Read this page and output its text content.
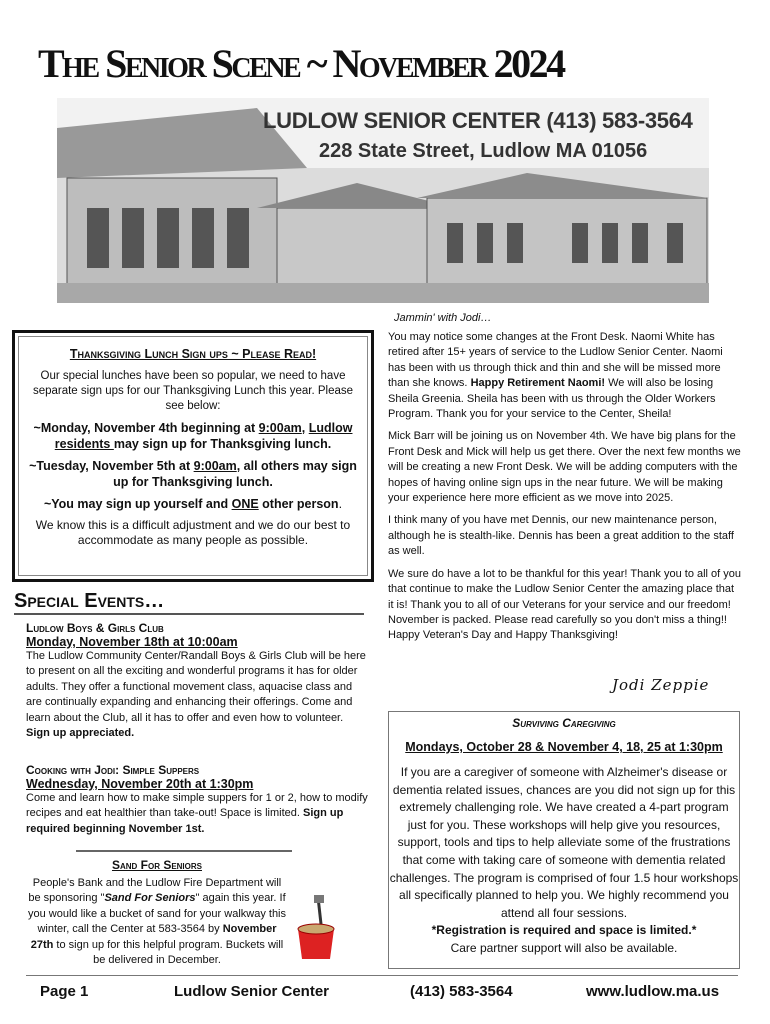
The Senior Scene ~ November 2024
LUDLOW SENIOR CENTER (413) 583-3564
228 State Street, Ludlow MA 01056
Thanksgiving Lunch Sign ups ~ Please Read!
Our special lunches have been so popular, we need to have separate sign ups for our Thanksgiving Lunch this year. Please see below:
~Monday, November 4th beginning at 9:00am, Ludlow residents may sign up for Thanksgiving lunch.
~Tuesday, November 5th at 9:00am, all others may sign up for Thanksgiving lunch.
~You may sign up yourself and ONE other person.
We know this is a difficult adjustment and we do our best to accommodate as many people as possible.
Special Events…
Ludlow Boys & Girls Club
Monday, November 18th at 10:00am
The Ludlow Community Center/Randall Boys & Girls Club will be here to present on all the exciting and wonderful programs it has for older adults. They offer a functional movement class, aquacise class and are continually expanding and enhancing their offerings. Come and learn about the Club, all it has to offer and even how to volunteer. Sign up appreciated.
Cooking with Jodi: Simple Suppers
Wednesday, November 20th at 1:30pm
Come and learn how to make simple suppers for 1 or 2, how to modify recipes and eat healthier than take-out! Space is limited. Sign up required beginning November 1st.
Sand For Seniors
People's Bank and the Ludlow Fire Department will be sponsoring "Sand For Seniors" again this year. If you would like a bucket of sand for your walkway this winter, call the Center at 583-3564 by November 27th to sign up for this helpful program. Buckets will be delivered in December.
Jammin' with Jodi…

You may notice some changes at the Front Desk. Naomi White has retired after 15+ years of service to the Ludlow Senior Center. Naomi has been with us through thick and thin and she will be missed more than she knows. Happy Retirement Naomi! We will also be losing Sheila Greenia. Sheila has been with us through the Older Workers Program. Thank you for your service to the Center, Sheila!

Mick Barr will be joining us on November 4th. We have big plans for the Front Desk and Mick will help us get there. Over the next few months we will be creating a new Front Desk. We will be adding computers with the hopes of having online sign ups in the near future. We will be making your experience here more efficient as we move into 2025.

I think many of you have met Dennis, our new maintenance person, although he is stealth-like. Dennis has been a great addition to the staff as well.

We sure do have a lot to be thankful for this year! Thank you to all of you that continue to make the Ludlow Senior Center the amazing place that it is! Thank you to all of our Veterans for your service and our freedom! November is packed. Please read carefully so you don't miss a thing!! Happy Veteran's Day and Happy Thanksgiving!

Jodi Zeppie
Surviving Caregiving
Mondays, October 28 & November 4, 18, 25 at 1:30pm
If you are a caregiver of someone with Alzheimer's disease or dementia related issues, chances are you did not sign up for this extremely challenging role. We have created a 4-part program just for you. These workshops will help give you resources, support, tools and tips to help alleviate some of the frustrations that come with taking care of someone with dementia related challenges. The program is comprised of four 1.5 hour workshops all specifically planned to help you. We highly recommend you attend all four sessions.
*Registration is required and space is limited.*
Care partner support will also be available.
Page 1	Ludlow Senior Center	(413) 583-3564	www.ludlow.ma.us
